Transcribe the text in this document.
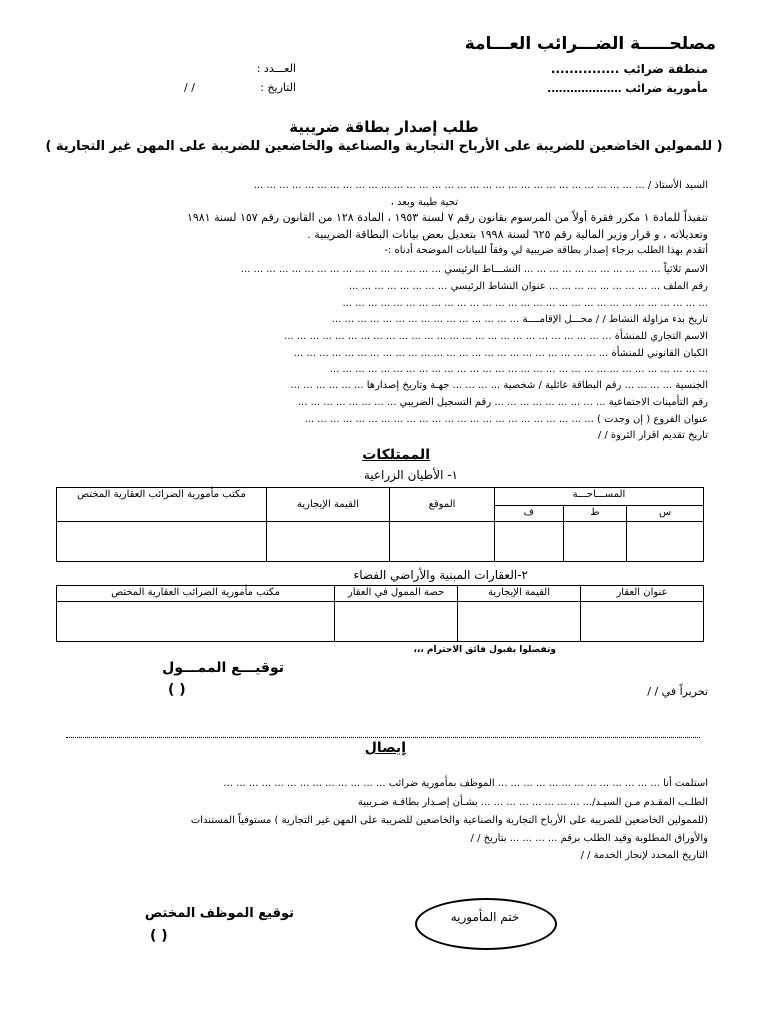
مصلحـــــة الضـــرائب العـــامة
منطقة ضرائب ...............
مأمورية ضرائب …………….….
العـــدد :
التاريخ :
/ /
طلب إصدار بطاقة ضريبية
( للممولين الخاضعين للضريبة على الأرباح التجارية والصناعية والخاضعين للضريبة على المهن غير التجارية )
السيد الأستاذ / ... ... ... ... ... ... ... ... ... ... ... ... ... ... ... ... ... ... ... ... ... ... ... ... ... ... ... ... ... ... ...
تحية طيبة وبعد ،
تنفيذاً للمادة ١ مكرر فقرة أولاً من المرسوم بقانون رقم ٧ لسنة ١٩٥٣ ، المادة ١٢٨ من القانون رقم ١٥٧ لسنة ١٩٨١
وتعديلاته ، و قرار وزير المالية رقم ٦٢٥ لسنة ١٩٩٨ بتعديل بعض بيانات البطاقة الضريبية .
أتقدم بهذا الطلب برجاء إصدار بطاقة ضريبية لي وفقاً للبيانات الموضحة أدناه :-
الاسم ثلاثياً ... ... ... ... ... ... ... ... ... ... ... النشـــاط الرئيسي ... ... ... ... ... ... ... ... ... ... ... ... ... ... ... ...
رقم الملف ... ... ... ... ... ... ... ... ... عنوان النشاط الرئيسي ... ... ... ... ... ... ... ...
... ... ... ... ... ... ... ... ... ... ... ... ... ... ... ... ... ... ... ... ... ... ... ... ... ... ... ... ...
تاريخ بدء مزاولة النشاط / / محـــل الإقامــــة ... ... ... ... ... ... ... ... ... ... ... ... ... ... ...
الاسم التجاري للمنشأة ... ... ... ... ... ... ... ... ... ... ... ... ... ... ... ... ... ... ... ... ... ... ... ... ... ...
الكيان القانوني للمنشأة ... ... ... ... ... ... ... ... ... ... ... ... ... ... ... ... ... ... ... ... ... ... ... ... ...
... ... ... ... ... ... ... ... ... ... ... ... ... ... ... ... ... ... ... ... ... ... ... ... ... ... ... ... ... ...
الجنسية ... ... ... ... رقم البطاقة عائلية / شخصية ... ... ... ... جهـة وتاريخ إصدارها ... ... ... ... ... ...
رقم التأمينات الاجتماعية ... ... ... ... ... ... ... ... ... رقم التسجيل الضريبي ... ... ... ... ... ... ... ...
عنوان الفروع ( إن وجدت ) ... ... ... ... ... ... ... ... ... ... ... ... ... ... ... ... ... ... ... ... ... ... ...
تاريخ تقديم اقرار الثروة / /
الممتلكات
١- الأطيان الزراعية
المســـاحـــة			الموقع	القيمة الإيجارية	مكتب مأمورية الضرائب العقارية المختص
س	ط	ف			

٢-العقارات المبنية والأراضي الفضاء
عنوان العقار	القيمة الإيجارية	حصة الممول في العقار	مكتب مأمورية الضرائب العقارية المختص

وتفضلوا بقبول فائق الاحترام ،،،
توقيـــع الممـــول
( )	تحريراً في / /
إيصال
استلمت أنا ... ... ... ... ... ... ... ... ... ... ... ... ... الموظف بمأمورية ضرائب ... ... ... ... ... ... ... ... ... ... ... ... ...
الطلـب المقـدم مـن السيـد/... ... ... ... ... ... ... ... ... بشـأن إصـدار بطاقـة ضـريبية
(للممولين الخاضعين للضريبة على الأرباح التجارية والصناعية والخاضعين للضريبة على المهن غير التجارية ) مستوفياً المستندات
والأوراق المطلوبة وقيد الطلب برقم ... ... ... ... بتاريخ / /
التاريخ المحدد لإنجاز الخدمة / /
ختم المأموريه
توقيع الموظف المختص
( )
